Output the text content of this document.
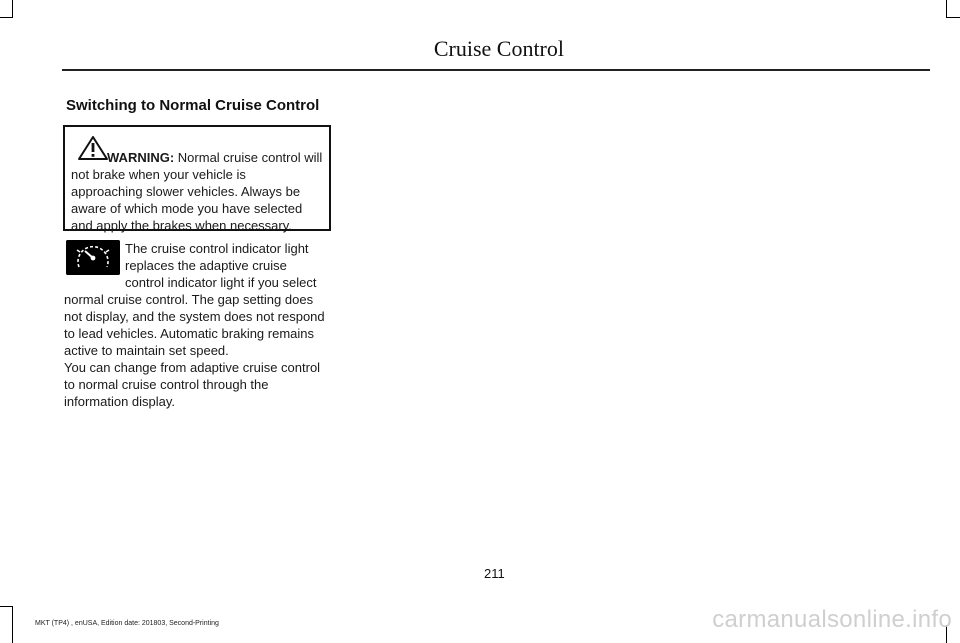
Cruise Control
Switching to Normal Cruise Control
WARNING: Normal cruise control will
not brake when your vehicle is
approaching slower vehicles. Always be
aware of which mode you have selected
and apply the brakes when necessary.
The cruise control indicator light
replaces the adaptive cruise
control indicator light if you select
normal cruise control. The gap setting does
not display, and the system does not respond
to lead vehicles. Automatic braking remains
active to maintain set speed.
You can change from adaptive cruise control
to normal cruise control through the
information display.
211
MKT (TP4) , enUSA, Edition date: 201803, Second-Printing	carmanualsonline.info
